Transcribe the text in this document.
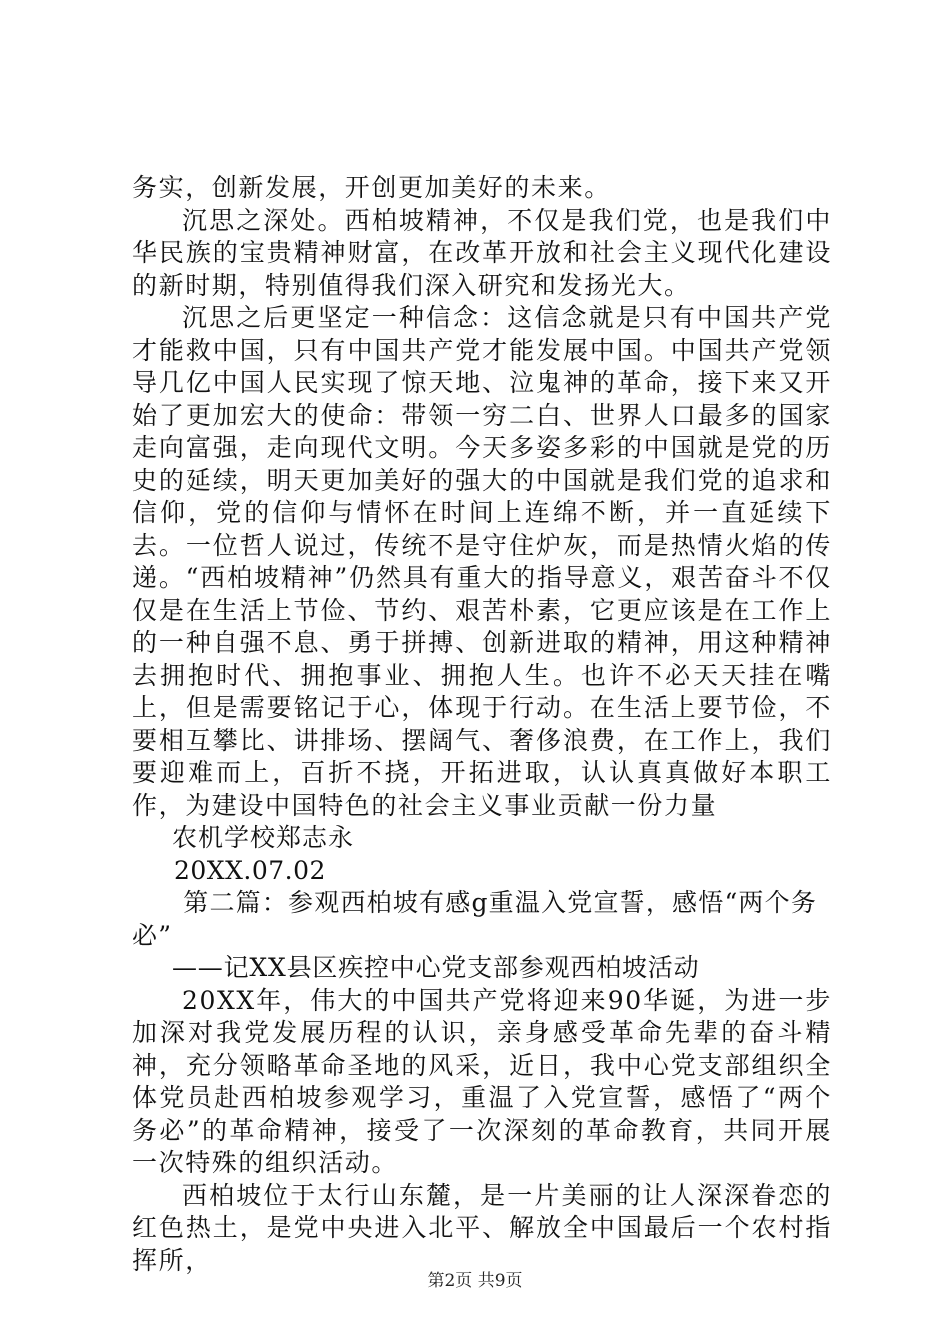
务实，创新发展，开创更加美好的未来。

沉思之深处。西柏坡精神，不仅是我们党，也是我们中华民族的宝贵精神财富，在改革开放和社会主义现代化建设的新时期，特别值得我们深入研究和发扬光大。

沉思之后更坚定一种信念：这信念就是只有中国共产党才能救中国，只有中国共产党才能发展中国。中国共产党领导几亿中国人民实现了惊天地、泣鬼神的革命，接下来又开始了更加宏大的使命：带领一穷二白、世界人口最多的国家走向富强，走向现代文明。今天多姿多彩的中国就是党的历史的延续，明天更加美好的强大的中国就是我们党的追求和信仰，党的信仰与情怀在时间上连绵不断，并一直延续下去。一位哲人说过，传统不是守住炉灰，而是热情火焰的传递。“西柏坡精神”仍然具有重大的指导意义，艰苦奋斗不仅仅是在生活上节俭、节约、艰苦朴素，它更应该是在工作上的一种自强不息、勇于拼搏、创新进取的精神，用这种精神去拥抱时代、拥抱事业、拥抱人生。也许不必天天挂在嘴上，但是需要铭记于心，体现于行动。在生活上要节俭，不要相互攀比、讲排场、摆阔气、奢侈浪费，在工作上，我们要迎难而上，百折不挠，开拓进取，认认真真做好本职工作，为建设中国特色的社会主义事业贡献一份力量

农机学校郑志永

20XX.07.02

第二篇：参观西柏坡有感g重温入党宣誓，感悟“两个务必”

——记XX县区疾控中心党支部参观西柏坡活动

20XX年，伟大的中国共产党将迎来90华诞，为进一步加深对我党发展历程的认识，亲身感受革命先辈的奋斗精神，充分领略革命圣地的风采，近日，我中心党支部组织全体党员赴西柏坡参观学习，重温了入党宣誓，感悟了“两个务必”的革命精神，接受了一次深刻的革命教育，共同开展一次特殊的组织活动。

西柏坡位于太行山东麓，是一片美丽的让人深深眷恋的红色热土，是党中央进入北平、解放全中国最后一个农村指挥所，

第2页 共9页
